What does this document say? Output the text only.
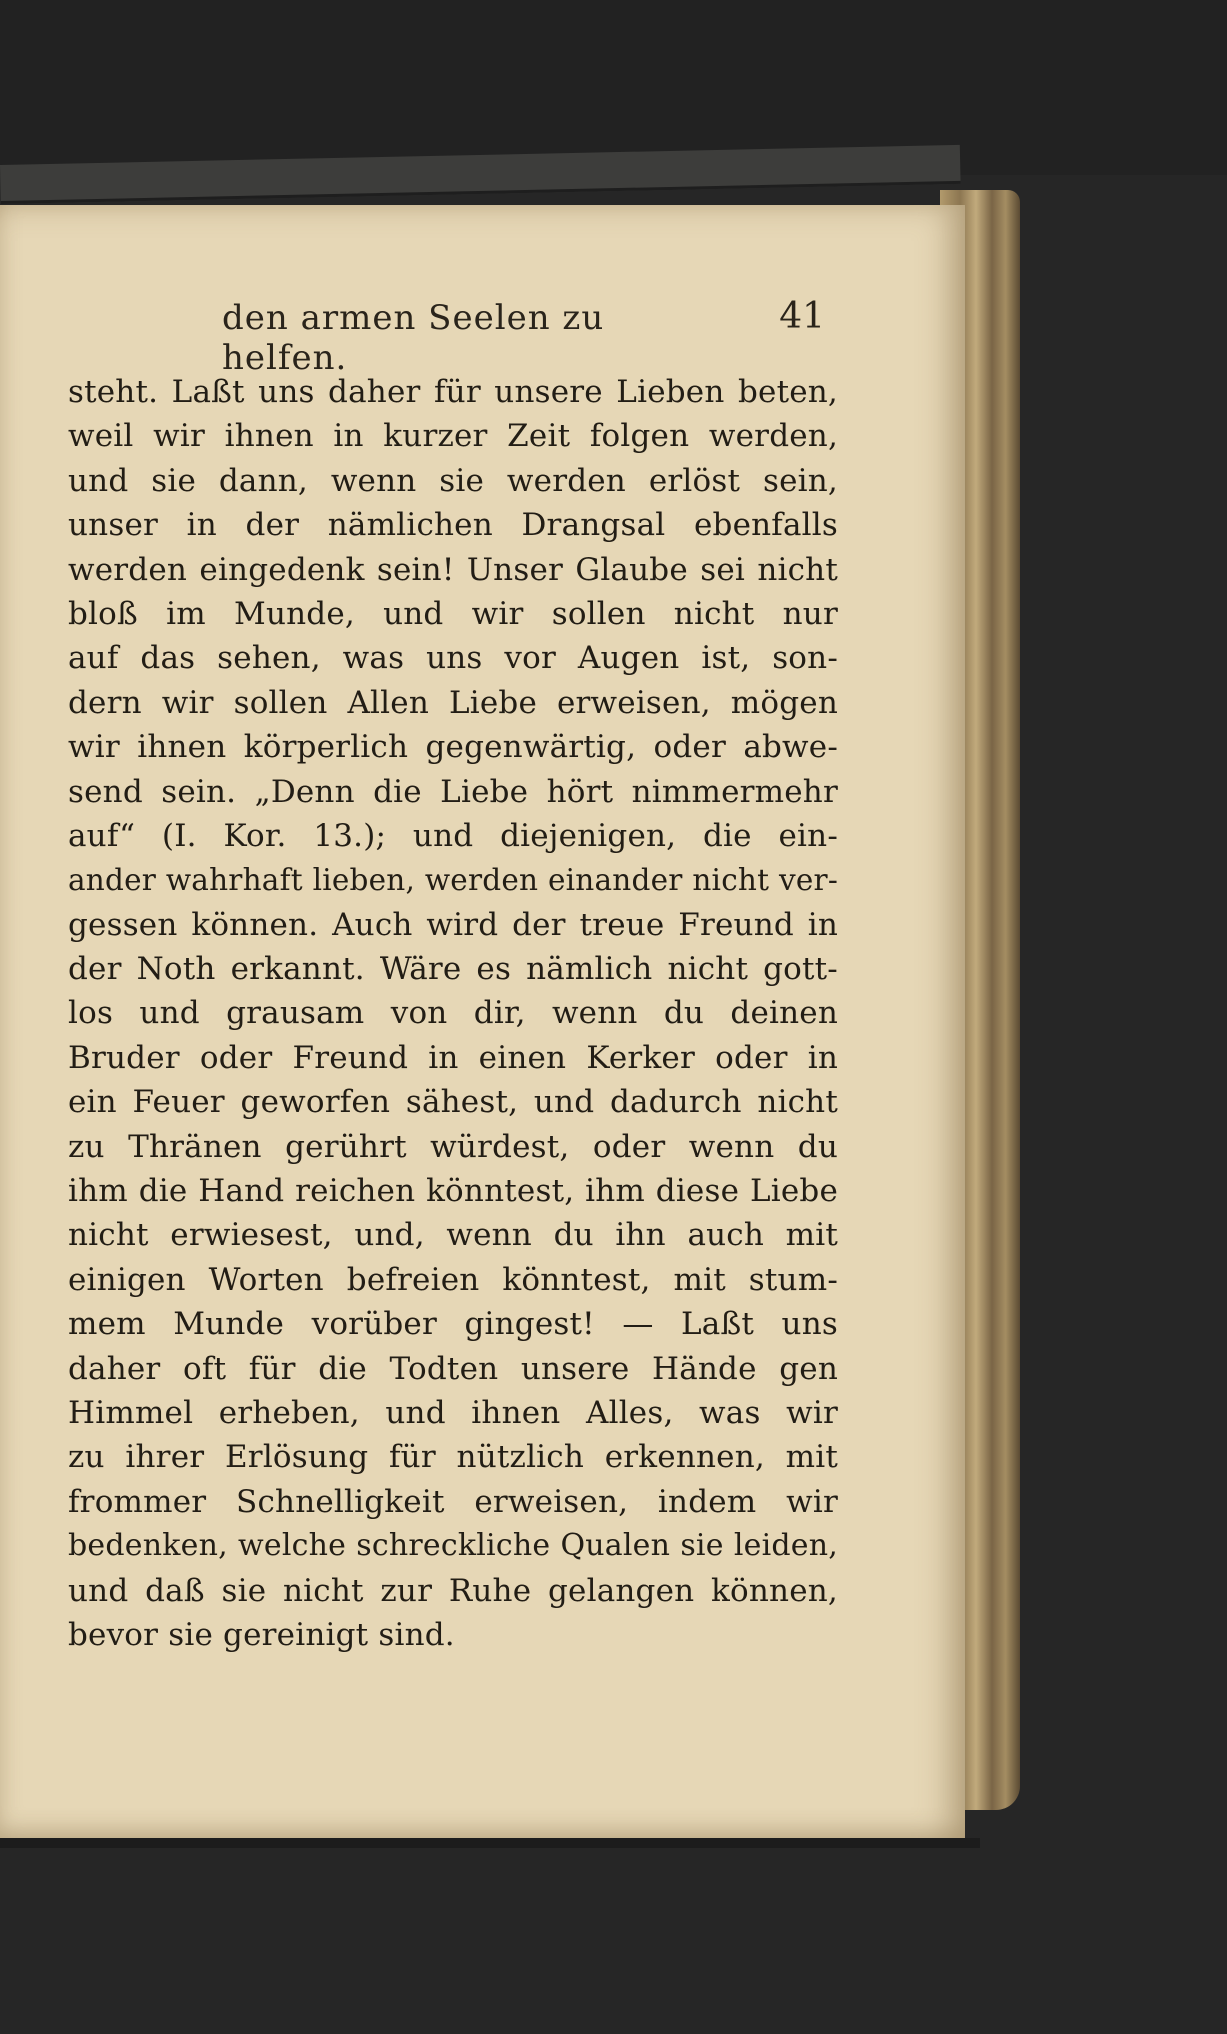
den armen Seelen zu helfen.
41
steht. Laßt uns daher für unsere Lieben beten,
weil wir ihnen in kurzer Zeit folgen werden,
und sie dann, wenn sie werden erlöst sein,
unser in der nämlichen Drangsal ebenfalls
werden eingedenk sein! Unser Glaube sei nicht
bloß im Munde, und wir sollen nicht nur
auf das sehen, was uns vor Augen ist, son-
dern wir sollen Allen Liebe erweisen, mögen
wir ihnen körperlich gegenwärtig, oder abwe-
send sein. „Denn die Liebe hört nimmermehr
auf“ (I. Kor. 13.); und diejenigen, die ein-
ander wahrhaft lieben, werden einander nicht ver-
gessen können. Auch wird der treue Freund in
der Noth erkannt. Wäre es nämlich nicht gott-
los und grausam von dir, wenn du deinen
Bruder oder Freund in einen Kerker oder in
ein Feuer geworfen sähest, und dadurch nicht
zu Thränen gerührt würdest, oder wenn du
ihm die Hand reichen könntest, ihm diese Liebe
nicht erwiesest, und, wenn du ihn auch mit
einigen Worten befreien könntest, mit stum-
mem Munde vorüber gingest! — Laßt uns
daher oft für die Todten unsere Hände gen
Himmel erheben, und ihnen Alles, was wir
zu ihrer Erlösung für nützlich erkennen, mit
frommer Schnelligkeit erweisen, indem wir
bedenken, welche schreckliche Qualen sie leiden,
und daß sie nicht zur Ruhe gelangen können,
bevor sie gereinigt sind.
